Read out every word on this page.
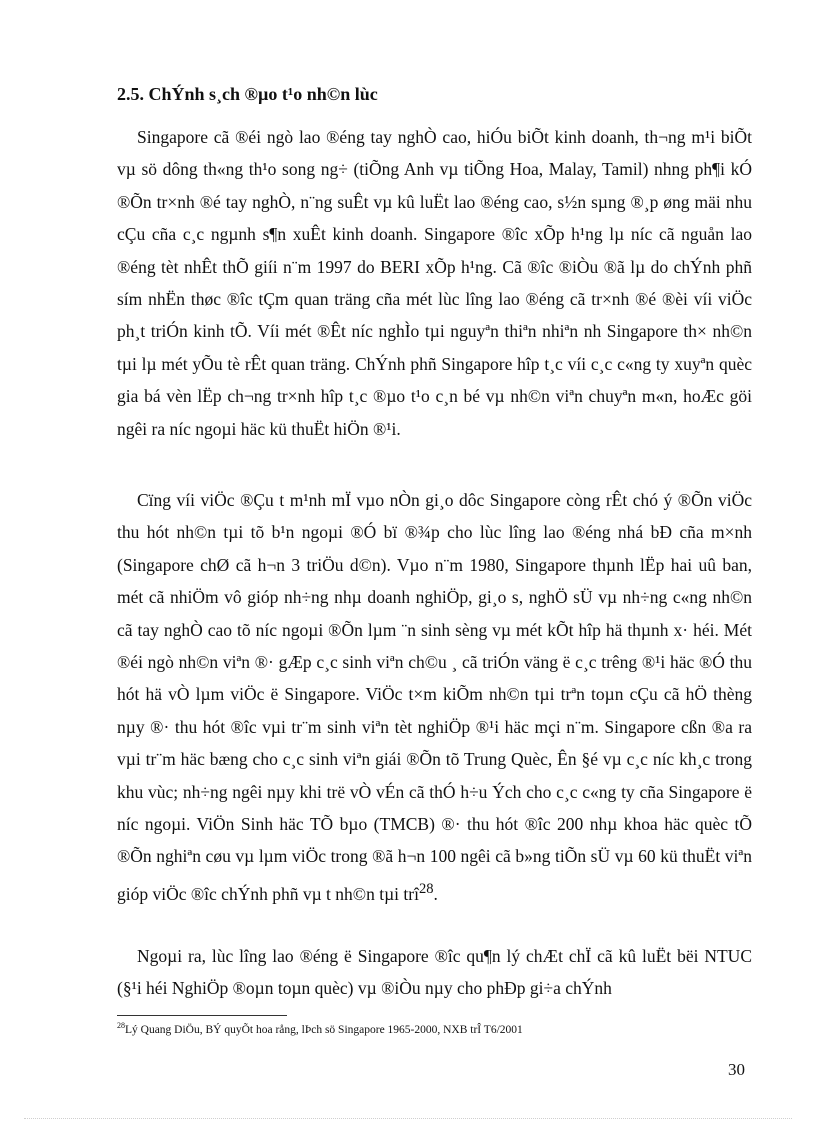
2.5. ChÝnh s¸ch ®µo t¹o nh©n lùc

Singapore cã ®éi ngò lao ®éng tay nghÒ cao, hiÓu biÕt kinh doanh, th¬ng m¹i biÕt vµ sö dông th«ng th¹o song ng÷ (tiÕng Anh vµ tiÕng Hoa, Malay, Tamil) nhng ph¶i kÓ ®Õn tr×nh ®é tay nghÒ, n¨ng suÊt vµ kû luËt lao ®éng cao, s½n sµng ®¸p øng mäi nhu cÇu cña c¸c ngµnh s¶n xuÊt kinh doanh. Singapore ®îc xÕp h¹ng lµ níc cã nguån lao ®éng tèt nhÊt thÕ giíi n¨m 1997 do BERI xÕp h¹ng. Cã ®îc ®iÒu ®ã lµ do chÝnh phñ sím nhËn thøc ®îc tÇm quan träng cña mét lùc lîng lao ®éng cã tr×nh ®é ®èi víi viÖc ph¸t triÓn kinh tÕ. Víi mét ®Êt níc nghÌo tµi nguyªn thiªn nhiªn nh Singapore th× nh©n tµi lµ mét yÕu tè rÊt quan träng. ChÝnh phñ Singapore hîp t¸c víi c¸c c«ng ty xuyªn quèc gia bá vèn lËp ch¬ng tr×nh hîp t¸c ®µo t¹o c¸n bé vµ nh©n viªn chuyªn m«n, hoÆc göi ngêi ra níc ngoµi häc kü thuËt hiÖn ®¹i.

Cïng víi viÖc ®Çu t m¹nh mÏ vµo nÒn gi¸o dôc Singapore còng rÊt chó ý ®Õn viÖc thu hót nh©n tµi tõ b¹n ngoµi ®Ó bï ®¾p cho lùc lîng lao ®éng nhá bÐ cña m×nh (Singapore chØ cã h¬n 3 triÖu d©n). Vµo n¨m 1980, Singapore thµnh lËp hai uû ban, mét cã nhiÖm vô gióp nh÷ng nhµ doanh nghiÖp, gi¸o s, nghÖ sÜ vµ nh÷ng c«ng nh©n cã tay nghÒ cao tõ níc ngoµi ®Õn lµm ¨n sinh sèng vµ mét kÕt hîp hä thµnh x· héi. Mét ®éi ngò nh©n viªn ®· gÆp c¸c sinh viªn ch©u ¸ cã triÓn väng ë c¸c trêng ®¹i häc ®Ó thu hót hä vÒ lµm viÖc ë Singapore. ViÖc t×m kiÕm nh©n tµi trªn toµn cÇu cã hÖ thèng nµy ®· thu hót ®îc vµi tr¨m sinh viªn tèt nghiÖp ®¹i häc mçi n¨m. Singapore cßn ®a ra vµi tr¨m häc bæng cho c¸c sinh viªn giái ®Õn tõ Trung Quèc, Ên §é vµ c¸c níc kh¸c trong khu vùc; nh÷ng ngêi nµy khi trë vÒ vÉn cã thÓ h÷u Ých cho c¸c c«ng ty cña Singapore ë níc ngoµi. ViÖn Sinh häc TÕ bµo (TMCB) ®· thu hót ®îc 200 nhµ khoa häc quèc tÕ ®Õn nghiªn cøu vµ lµm viÖc trong ®ã h¬n 100 ngêi cã b»ng tiÕn sÜ vµ 60 kü thuËt viªn gióp viÖc ®îc chÝnh phñ vµ t nh©n tµi trî$^{28}$.

Ngoµi ra, lùc lîng lao ®éng ë Singapore ®îc qu¶n lý chÆt chÏ cã kû luËt bëi NTUC (§¹i héi NghiÖp ®oµn toµn quèc) vµ ®iÒu nµy cho phÐp gi÷a chÝnh

$^{28}$Lý Quang DiÖu, BÝ quyÕt hoa rång, lÞch sö Singapore 1965-2000, NXB trÎ T6/2001

30
